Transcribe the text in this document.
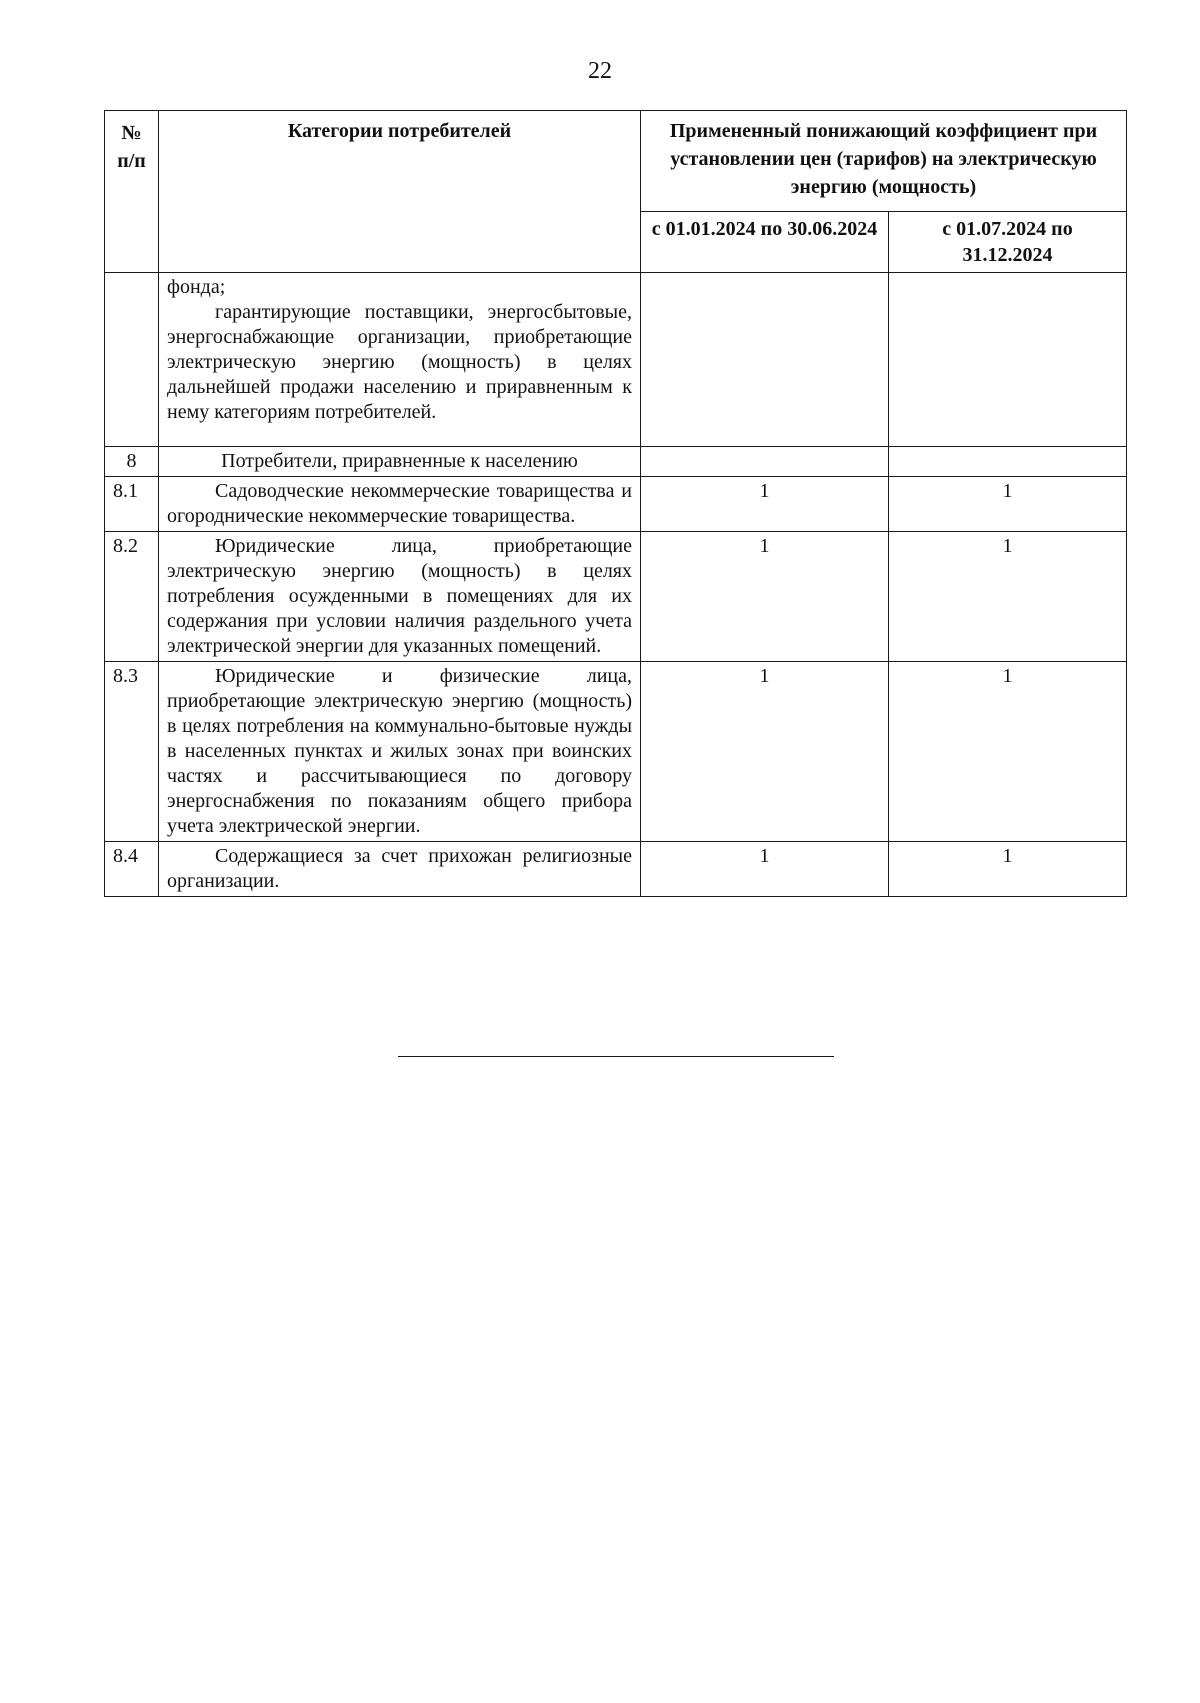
22
№ п/п	Категории потребителей	Примененный понижающий коэффициент при установлении цен (тарифов) на электрическую энергию (мощность)	
		с 01.01.2024 по 30.06.2024	с 01.07.2024 по 31.12.2024

	фонда;

гарантирующие поставщики, энергосбытовые, энергоснабжающие организации, приобретающие электрическую энергию (мощность) в целях дальнейшей продажи населению и приравненным к нему категориям потребителей.		

8	Потребители, приравненные к населению		
8.1	Садоводческие некоммерческие товарищества и огороднические некоммерческие товарищества.	1	1
8.2	Юридические лица, приобретающие электрическую энергию (мощность) в целях потребления осужденными в помещениях для их содержания при условии наличия раздельного учета электрической энергии для указанных помещений.	1	1
8.3	Юридические и физические лица, приобретающие электрическую энергию (мощность) в целях потребления на коммунально-бытовые нужды в населенных пунктах и жилых зонах при воинских частях и рассчитывающиеся по договору энергоснабжения по показаниям общего прибора учета электрической энергии.	1	1
8.4	Содержащиеся за счет прихожан религиозные организации.	1	1
